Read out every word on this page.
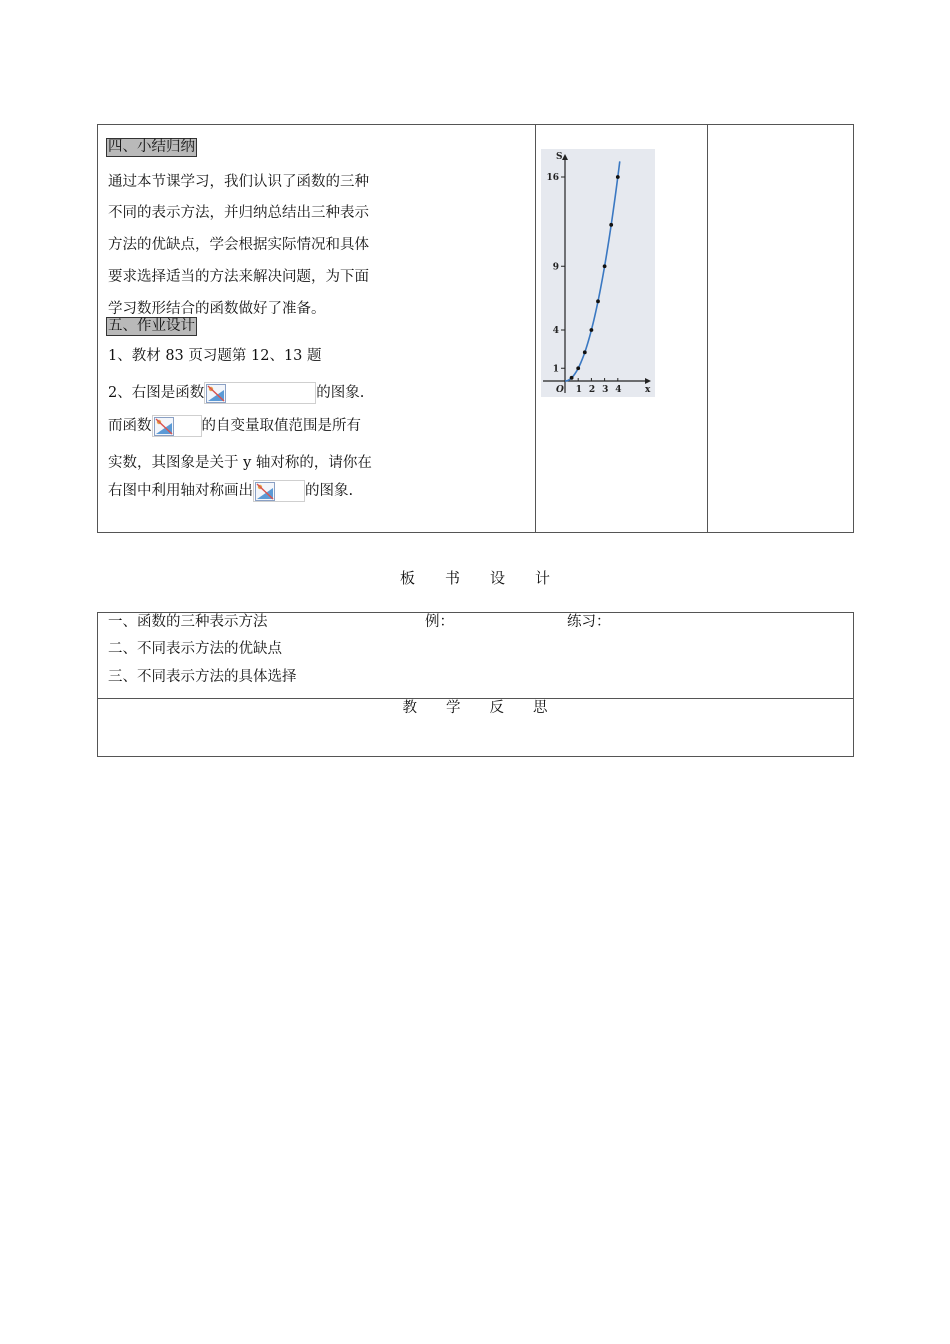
四、小结归纳
通过本节课学习，我们认识了函数的三种
不同的表示方法，并归纳总结出三种表示
方法的优缺点，学会根据实际情况和具体
要求选择适当的方法来解决问题，为下面
学习数形结合的函数做好了准备。
五、作业设计
1、教材 83 页习题第 12、13 题
2、右图是函数	的图象.
而函数	的自变量取值范围是所有
实数，其图象是关于 y 轴对称的，请你在
右图中利用轴对称画出	的图象.
x
S
O 1 2 3 4
1
4
9
16
板　　书　　设　　计
一、函数的三种表示方法	例：	练习：
二、不同表示方法的优缺点
三、不同表示方法的具体选择
教　　学　　反　　思
